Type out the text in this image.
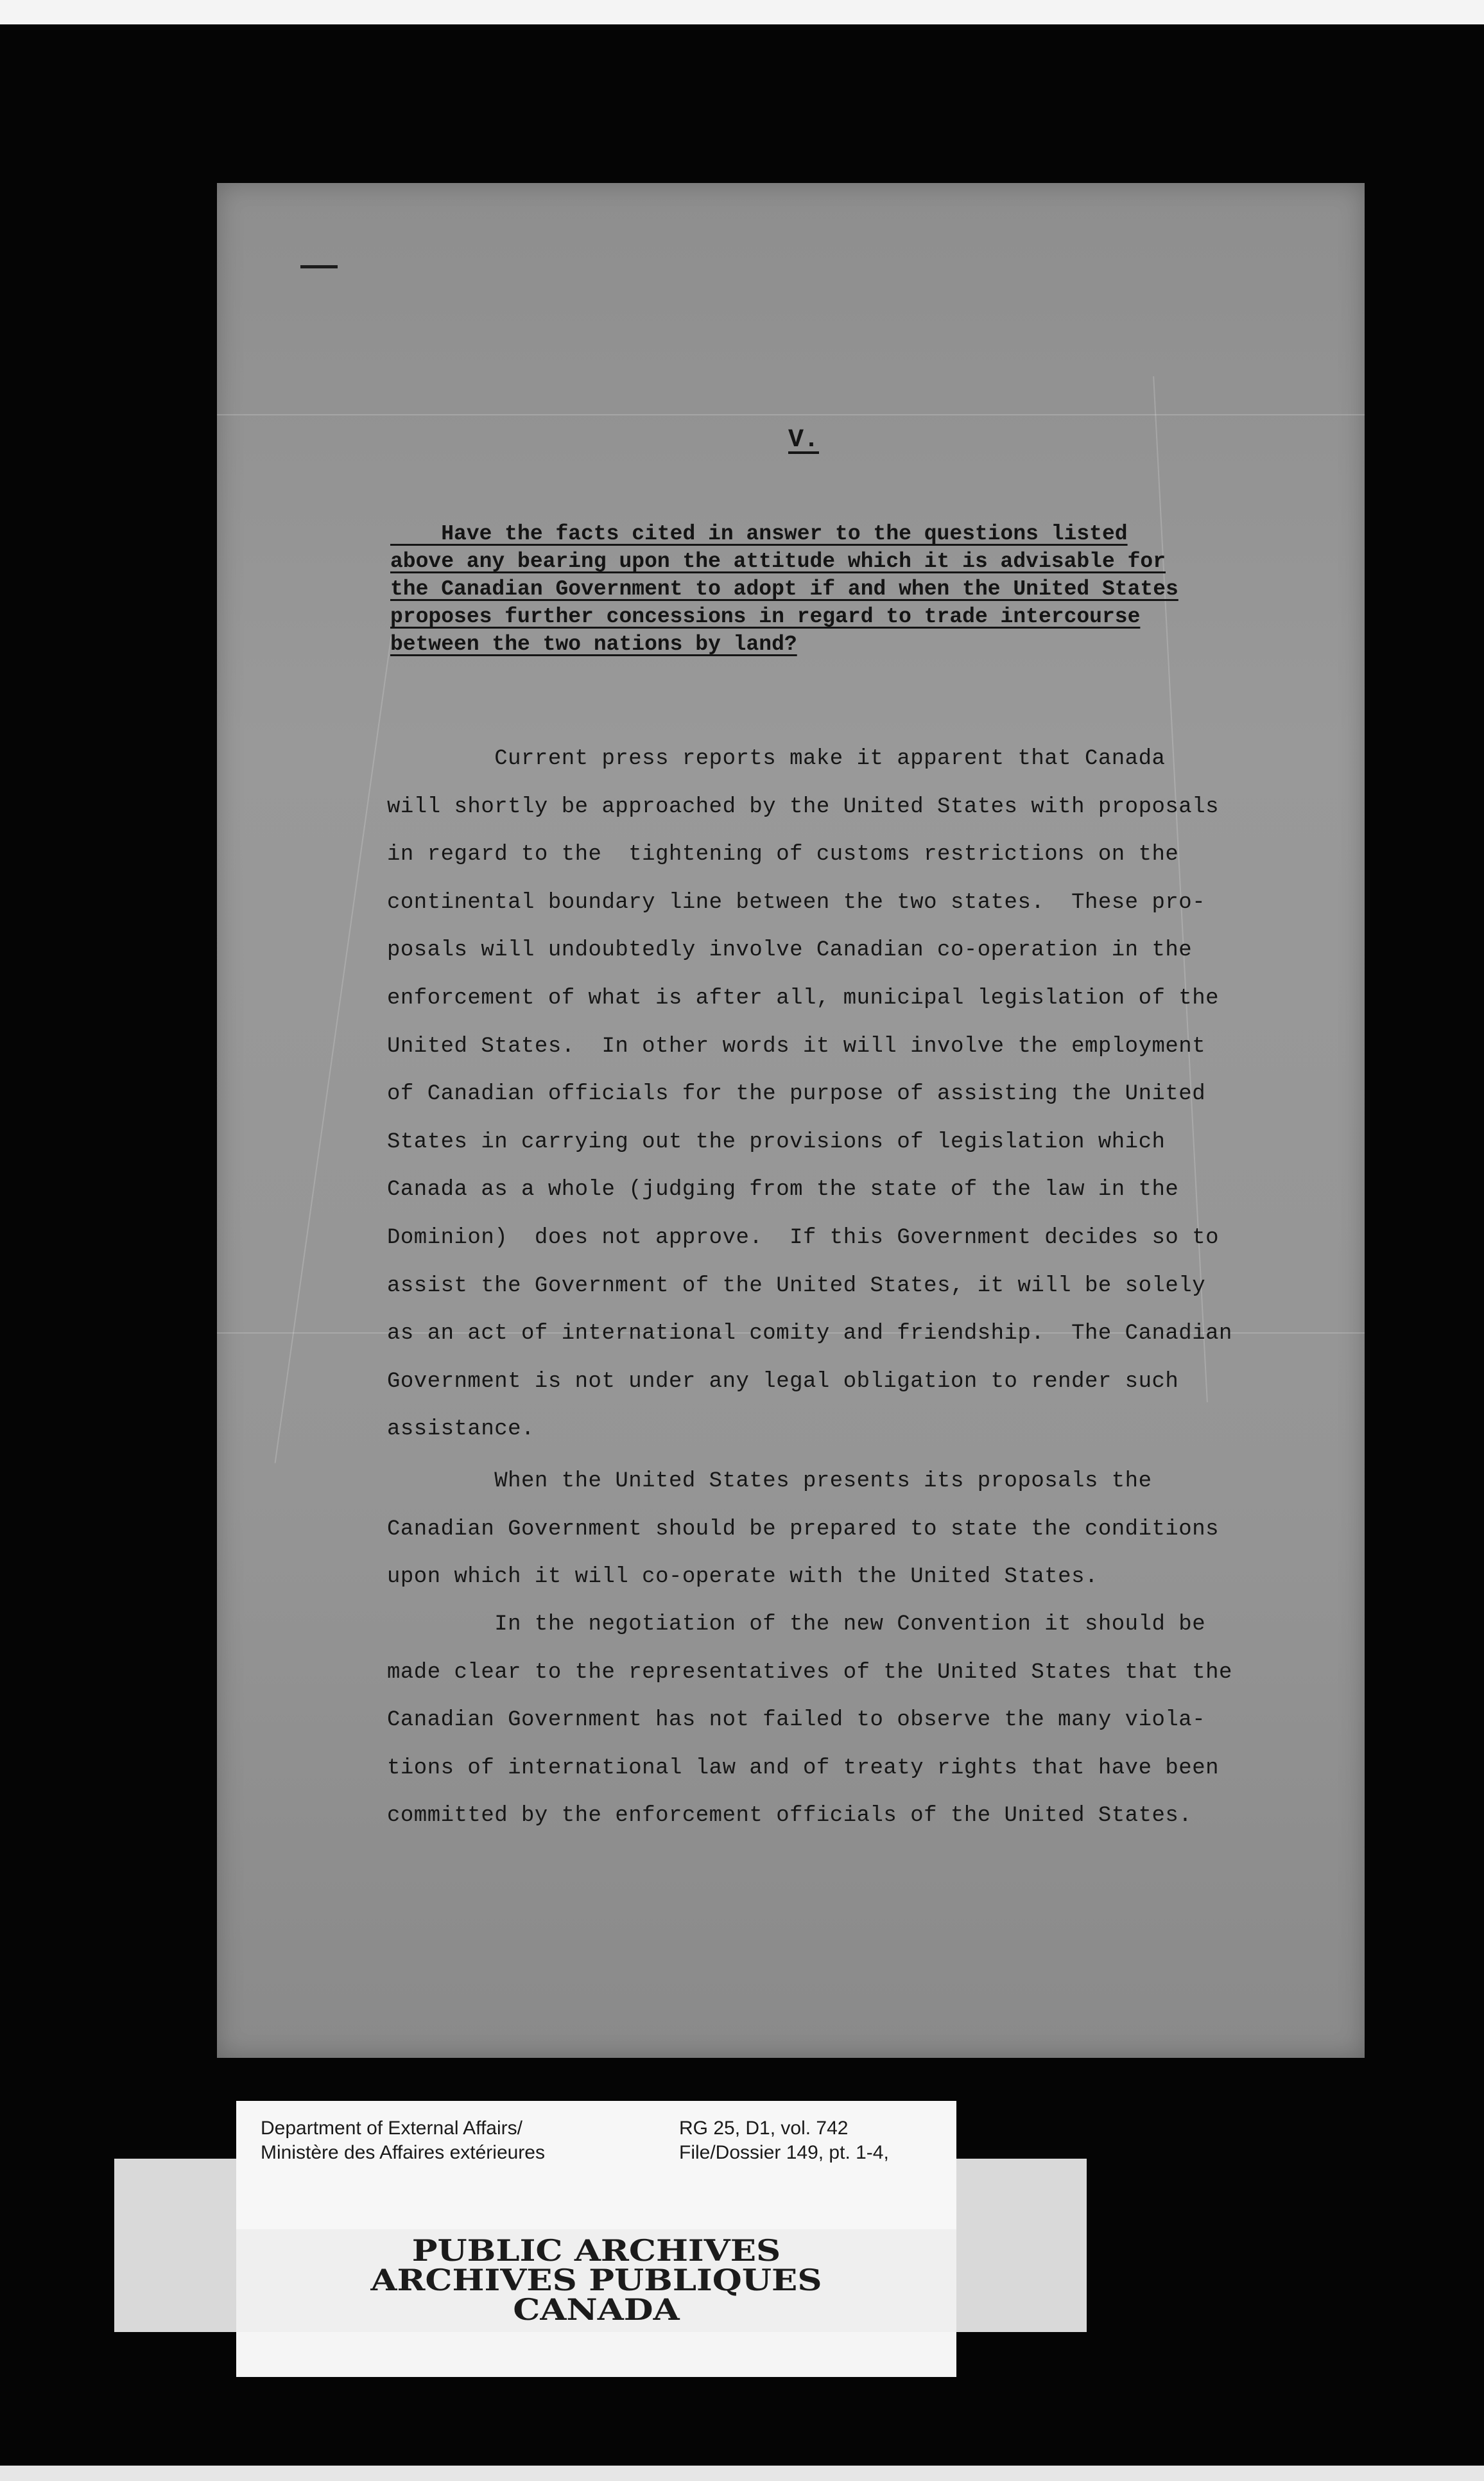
V.

Have the facts cited in answer to the questions listed

above any bearing upon the attitude which it is advisable for

the Canadian Government to adopt if and when the United States

proposes further concessions in regard to trade intercourse

between the two nations by land?

Current press reports make it apparent that Canada

will shortly be approached by the United States with proposals

in regard to the  tightening of customs restrictions on the

continental boundary line between the two states.  These pro-

posals will undoubtedly involve Canadian co-operation in the

enforcement of what is after all, municipal legislation of the

United States.  In other words it will involve the employment

of Canadian officials for the purpose of assisting the United

States in carrying out the provisions of legislation which

Canada as a whole (judging from the state of the law in the

Dominion)  does not approve.  If this Government decides so to

assist the Government of the United States, it will be solely

as an act of international comity and friendship.  The Canadian

Government is not under any legal obligation to render such

assistance.

When the United States presents its proposals the

Canadian Government should be prepared to state the conditions

upon which it will co-operate with the United States.

In the negotiation of the new Convention it should be

made clear to the representatives of the United States that the

Canadian Government has not failed to observe the many viola-

tions of international law and of treaty rights that have been

committed by the enforcement officials of the United States.

Department of External Affairs/
Ministère des Affaires extérieures
RG 25, D1, vol. 742
File/Dossier 149, pt. 1-4,
PUBLIC ARCHIVES
ARCHIVES PUBLIQUES
CANADA
